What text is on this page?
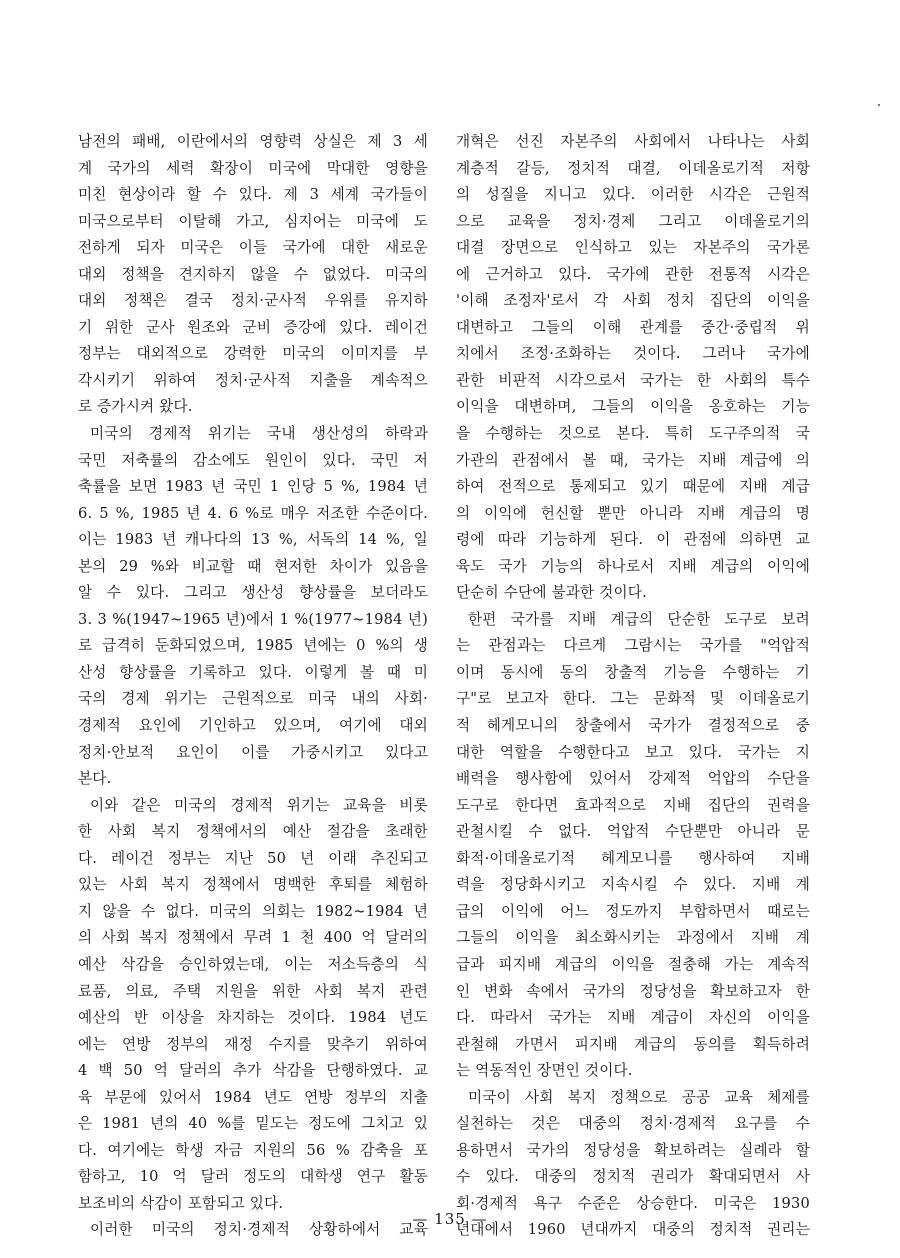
남전의 패배, 이란에서의 영향력 상실은 제 3 세
계 국가의 세력 확장이 미국에 막대한 영향을
미친 현상이라 할 수 있다. 제 3 세계 국가들이
미국으로부터 이탈해 가고, 심지어는 미국에 도
전하게 되자 미국은 이들 국가에 대한 새로운
대외 정책을 견지하지 않을 수 없었다. 미국의
대외 정책은 결국 정치·군사적 우위를 유지하
기 위한 군사 원조와 군비 증강에 있다. 레이건
정부는 대외적으로 강력한 미국의 이미지를 부
각시키기 위하여 정치·군사적 지출을 계속적으
로 증가시켜 왔다.
미국의 경제적 위기는 국내 생산성의 하락과
국민 저축률의 감소에도 원인이 있다. 국민 저
축률을 보면 1983 년 국민 1 인당 5 %, 1984 년
6. 5 %, 1985 년 4. 6 %로 매우 저조한 수준이다.
이는 1983 년 캐나다의 13 %, 서독의 14 %, 일
본의 29 %와 비교할 때 현저한 차이가 있음을
알 수 있다. 그리고 생산성 향상률을 보더라도
3. 3 %(1947~1965 년)에서 1 %(1977~1984 년)
로 급격히 둔화되었으며, 1985 년에는 0 %의 생
산성 향상률을 기록하고 있다. 이렇게 볼 때 미
국의 경제 위기는 근원적으로 미국 내의 사회·
경제적 요인에 기인하고 있으며, 여기에 대외
정치·안보적 요인이 이를 가중시키고 있다고
본다.
이와 같은 미국의 경제적 위기는 교육을 비롯
한 사회 복지 정책에서의 예산 절감을 초래한
다. 레이건 정부는 지난 50 년 이래 추진되고
있는 사회 복지 정책에서 명백한 후퇴를 체험하
지 않을 수 없다. 미국의 의회는 1982~1984 년
의 사회 복지 정책에서 무려 1 천 400 억 달러의
예산 삭감을 승인하였는데, 이는 저소득층의 식
료품, 의료, 주택 지원을 위한 사회 복지 관련
예산의 반 이상을 차지하는 것이다. 1984 년도
에는 연방 정부의 재정 수지를 맞추기 위하여
4 백 50 억 달러의 추가 삭감을 단행하였다. 교
육 부문에 있어서 1984 년도 연방 정부의 지출
은 1981 년의 40 %를 밑도는 정도에 그치고 있
다. 여기에는 학생 자금 지원의 56 % 감축을 포
함하고, 10 억 달러 정도의 대학생 연구 활동
보조비의 삭감이 포함되고 있다.
이러한 미국의 정치·경제적 상황하에서 교육
개혁은 선진 자본주의 사회에서 나타나는 사회
계층적 갈등, 정치적 대결, 이데올로기적 저항
의 성질을 지니고 있다. 이러한 시각은 근원적
으로 교육을 정치·경제 그리고 이데올로기의
대결 장면으로 인식하고 있는 자본주의 국가론
에 근거하고 있다. 국가에 관한 전통적 시각은
'이해 조정자'로서 각 사회 정치 집단의 이익을
대변하고 그들의 이해 관계를 중간·중립적 위
치에서 조정·조화하는 것이다. 그러나 국가에
관한 비판적 시각으로서 국가는 한 사회의 특수
이익을 대변하며, 그들의 이익을 옹호하는 기능
을 수행하는 것으로 본다. 특히 도구주의적 국
가관의 관점에서 볼 때, 국가는 지배 계급에 의
하여 전적으로 통제되고 있기 때문에 지배 계급
의 이익에 헌신할 뿐만 아니라 지배 계급의 명
령에 따라 기능하게 된다. 이 관점에 의하면 교
육도 국가 기능의 하나로서 지배 계급의 이익에
단순히 수단에 불과한 것이다.
한편 국가를 지배 계급의 단순한 도구로 보려
는 관점과는 다르게 그람시는 국가를 "억압적
이며 동시에 동의 창출적 기능을 수행하는 기
구"로 보고자 한다. 그는 문화적 및 이데올로기
적 헤게모니의 창출에서 국가가 결정적으로 중
대한 역할을 수행한다고 보고 있다. 국가는 지
배력을 행사함에 있어서 강제적 억압의 수단을
도구로 한다면 효과적으로 지배 집단의 권력을
관철시킬 수 없다. 억압적 수단뿐만 아니라 문
화적·이데올로기적 헤게모니를 행사하여 지배
력을 정당화시키고 지속시킬 수 있다. 지배 계
급의 이익에 어느 정도까지 부합하면서 때로는
그들의 이익을 최소화시키는 과정에서 지배 계
급과 피지배 계급의 이익을 절충해 가는 계속적
인 변화 속에서 국가의 정당성을 확보하고자 한
다. 따라서 국가는 지배 계급이 자신의 이익을
관철해 가면서 피지배 계급의 동의를 획득하려
는 역동적인 장면인 것이다.
미국이 사회 복지 정책으로 공공 교육 체제를
실천하는 것은 대중의 정치·경제적 요구를 수
용하면서 국가의 정당성을 확보하려는 실례라 할
수 있다. 대중의 정치적 권리가 확대되면서 사
회·경제적 욕구 수준은 상승한다. 미국은 1930
년대에서 1960 년대까지 대중의 정치적 권리는
— 135 —
